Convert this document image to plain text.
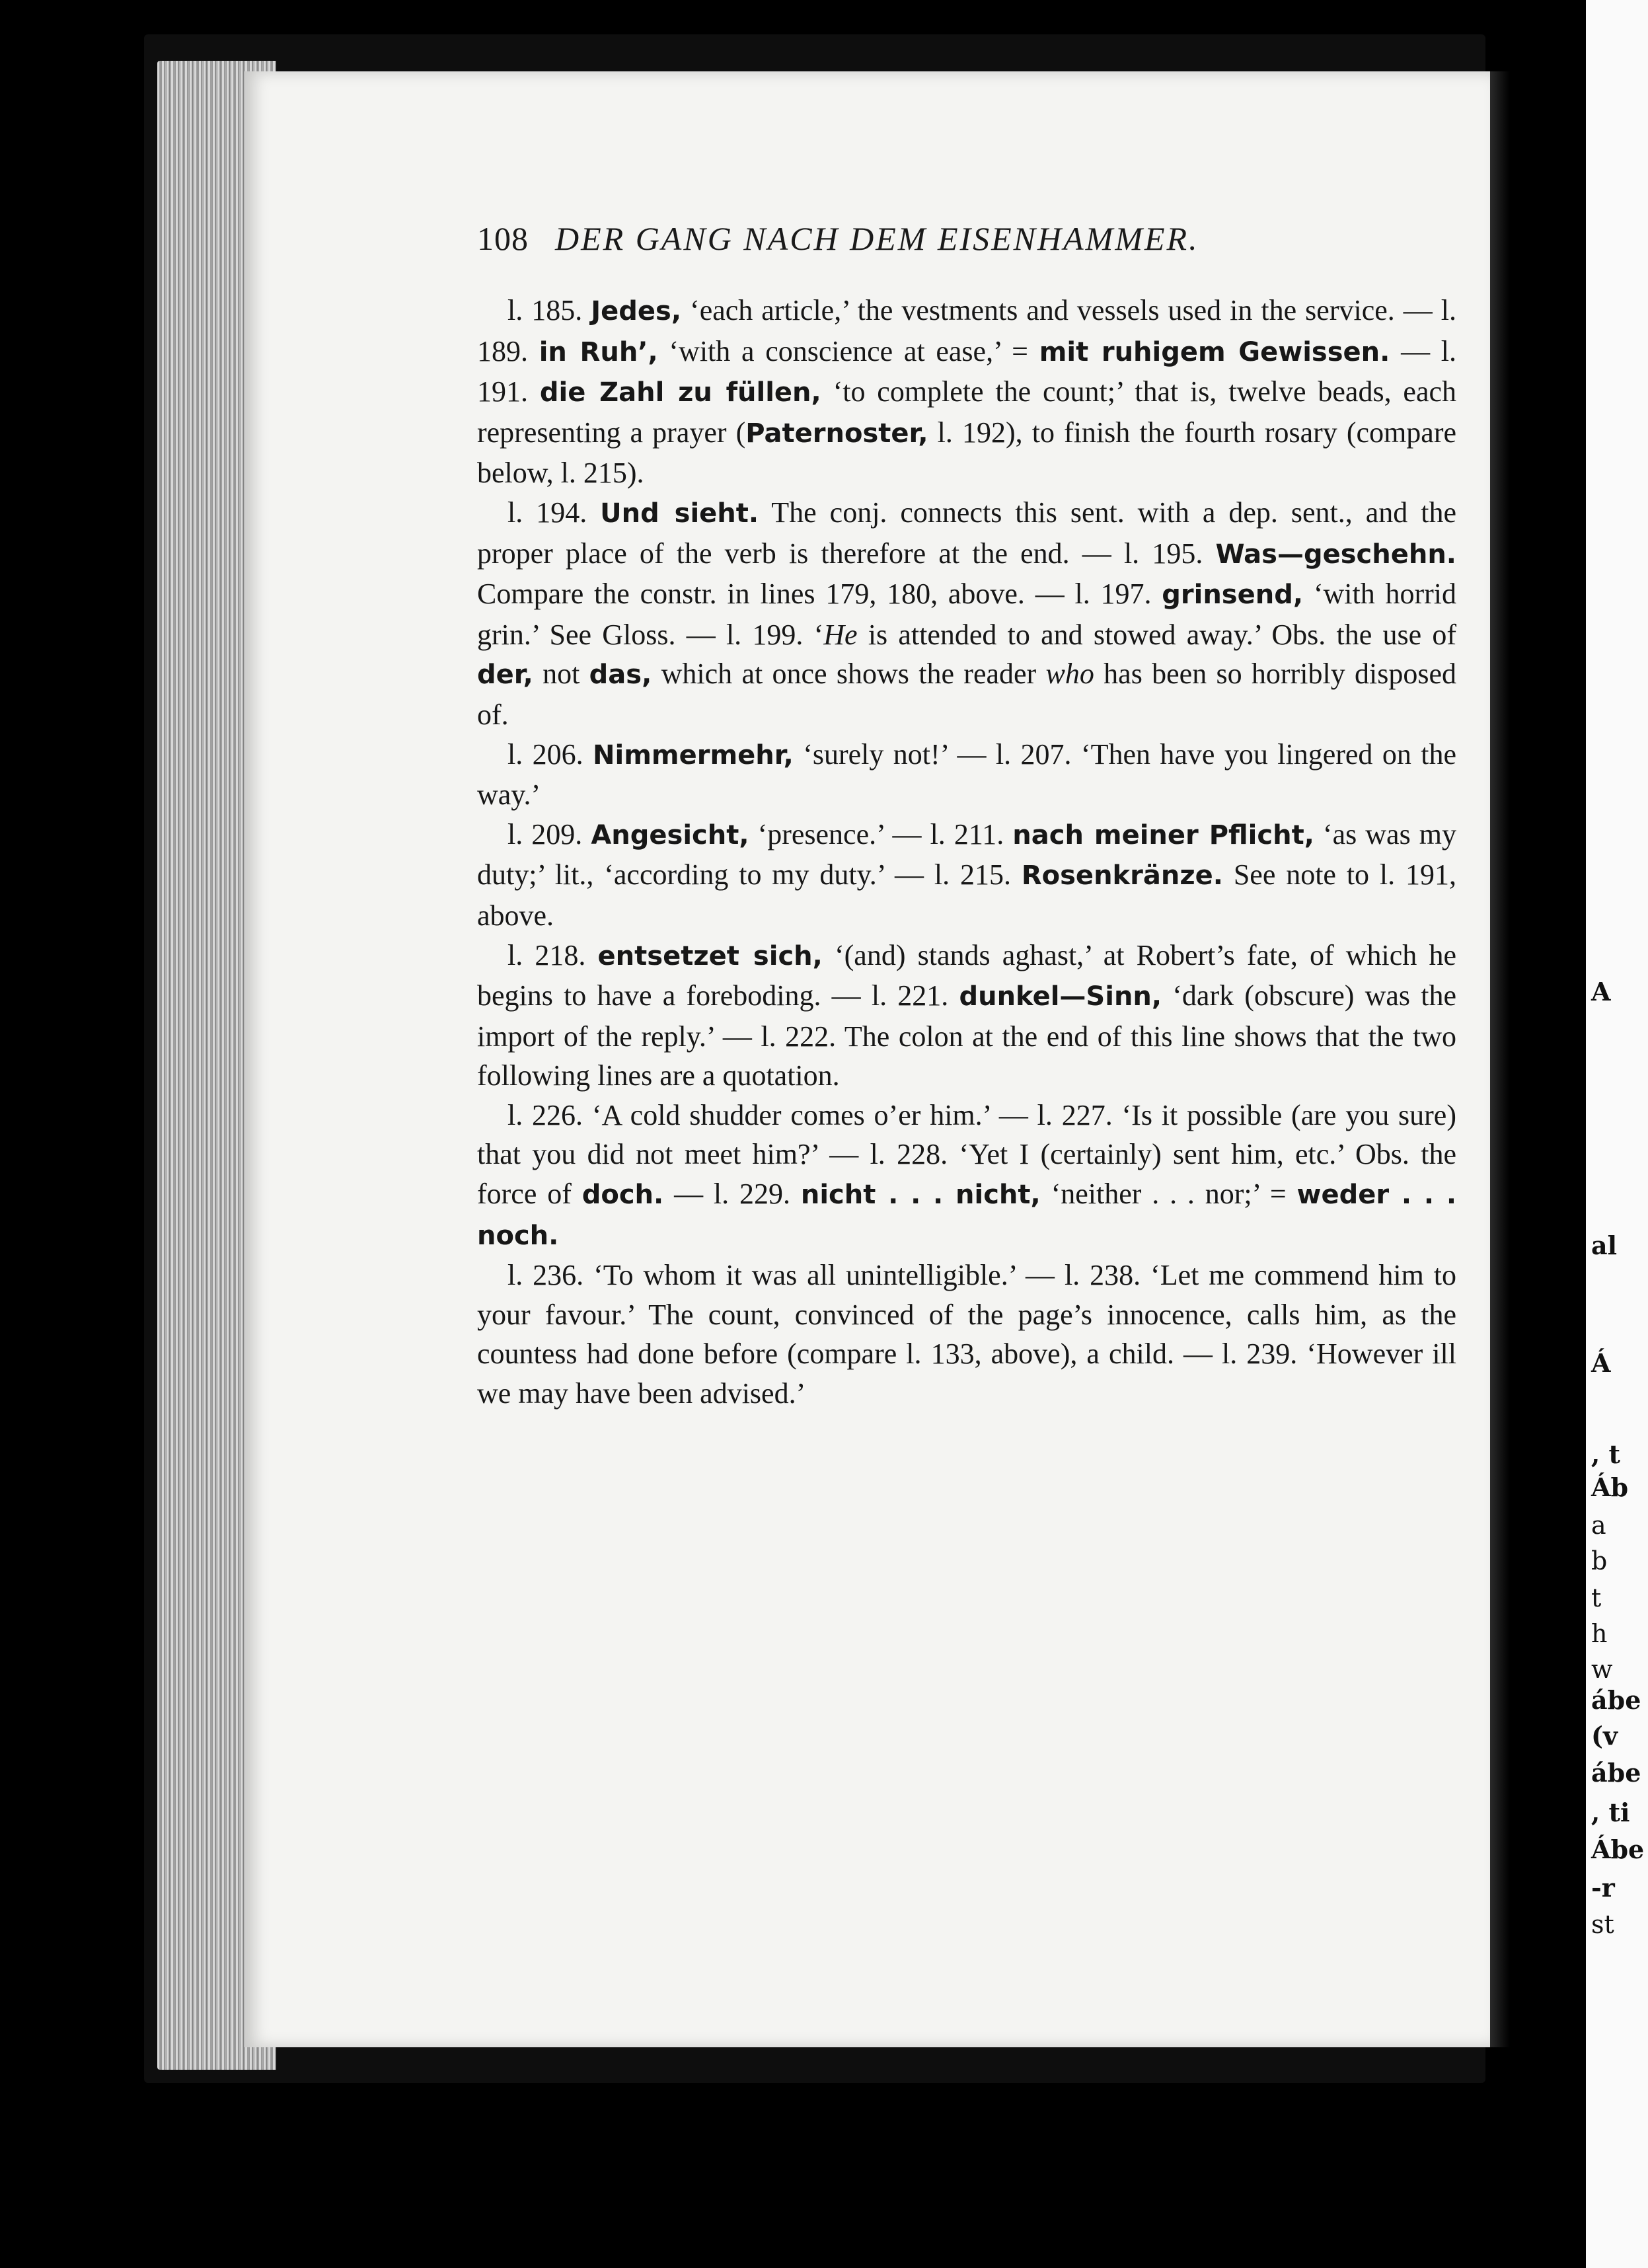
108 DER GANG NACH DEM EISENHAMMER.

l. 185. Jedes, ‘each article,’ the vestments and vessels used in the service. — l. 189. in Ruh’, ‘with a conscience at ease,’ = mit ruhigem Gewissen. — l. 191. die Zahl zu füllen, ‘to complete the count;’ that is, twelve beads, each representing a prayer (Paternoster, l. 192), to finish the fourth rosary (compare below, l. 215).

l. 194. Und sieht. The conj. connects this sent. with a dep. sent., and the proper place of the verb is therefore at the end. — l. 195. Was—geschehn. Compare the constr. in lines 179, 180, above. — l. 197. grinsend, ‘with horrid grin.’ See Gloss. — l. 199. ‘He is attended to and stowed away.’ Obs. the use of der, not das, which at once shows the reader who has been so horribly disposed of.

l. 206. Nimmermehr, ‘surely not!’ — l. 207. ‘Then have you lingered on the way.’

l. 209. Angesicht, ‘presence.’ — l. 211. nach meiner Pflicht, ‘as was my duty;’ lit., ‘according to my duty.’ — l. 215. Rosenkränze. See note to l. 191, above.

l. 218. entsetzet sich, ‘(and) stands aghast,’ at Robert’s fate, of which he begins to have a foreboding. — l. 221. dunkel—Sinn, ‘dark (obscure) was the import of the reply.’ — l. 222. The colon at the end of this line shows that the two following lines are a quotation.

l. 226. ‘A cold shudder comes o’er him.’ — l. 227. ‘Is it possible (are you sure) that you did not meet him?’ — l. 228. ‘Yet I (certainly) sent him, etc.’ Obs. the force of doch. — l. 229. nicht . . . nicht, ‘neither . . . nor;’ = weder . . . noch.

l. 236. ‘To whom it was all unintelligible.’ — l. 238. ‘Let me commend him to your favour.’ The count, convinced of the page’s innocence, calls him, as the countess had done before (compare l. 133, above), a child. — l. 239. ‘However ill we may have been advised.’

A
al
Á
, t
Áb
a
b
t
h
w
ábe
(v
ábe
, ti
Ábe
-r
st
